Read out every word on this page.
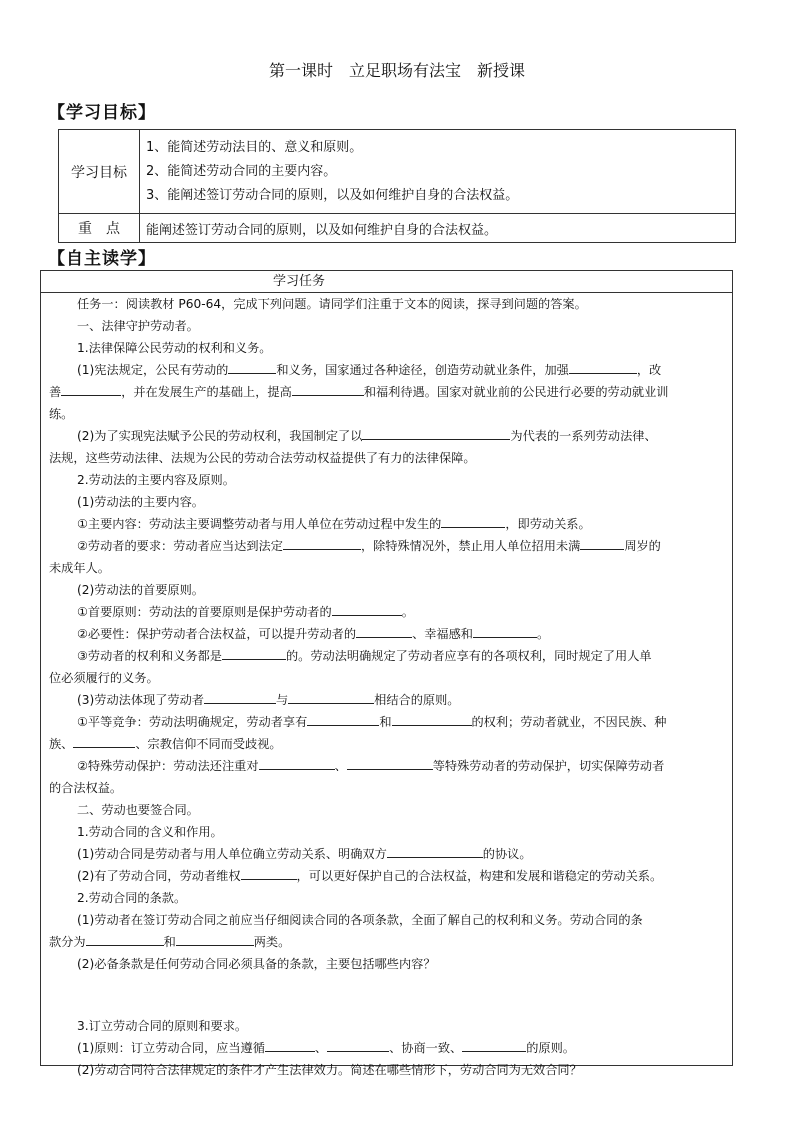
第一课时　立足职场有法宝　新授课
【学习目标】
学习目标	1、能简述劳动法目的、意义和原则。
2、能简述劳动合同的主要内容。
3、能阐述签订劳动合同的原则，以及如何维护自身的合法权益。

重　点	能阐述签订劳动合同的原则，以及如何维护自身的合法权益。
【自主读学】
学习任务
任务一：阅读教材 P60-64，完成下列问题。请同学们注重于文本的阅读，探寻到问题的答案。
一、法律守护劳动者。
1.法律保障公民劳动的权利和义务。
(1)宪法规定，公民有劳动的	和义务，国家通过各种途径，创造劳动就业条件，加强	，改
善	，并在发展生产的基础上，提高	和福利待遇。国家对就业前的公民进行必要的劳动就业训
练。
(2)为了实现宪法赋予公民的劳动权利，我国制定了以	为代表的一系列劳动法律、
法规，这些劳动法律、法规为公民的劳动合法劳动权益提供了有力的法律保障。
2.劳动法的主要内容及原则。
(1)劳动法的主要内容。
①主要内容：劳动法主要调整劳动者与用人单位在劳动过程中发生的	，即劳动关系。
②劳动者的要求：劳动者应当达到法定	，除特殊情况外，禁止用人单位招用未满	周岁的
未成年人。
(2)劳动法的首要原则。
①首要原则：劳动法的首要原则是保护劳动者的	。
②必要性：保护劳动者合法权益，可以提升劳动者的	、幸福感和	。
③劳动者的权利和义务都是	的。劳动法明确规定了劳动者应享有的各项权利，同时规定了用人单
位必须履行的义务。
(3)劳动法体现了劳动者	与	相结合的原则。
①平等竞争：劳动法明确规定，劳动者享有	和	的权利；劳动者就业，不因民族、种
族、	、宗教信仰不同而受歧视。
②特殊劳动保护：劳动法还注重对	、	等特殊劳动者的劳动保护，切实保障劳动者
的合法权益。
二、劳动也要签合同。
1.劳动合同的含义和作用。
(1)劳动合同是劳动者与用人单位确立劳动关系、明确双方	的协议。
(2)有了劳动合同，劳动者维权	，可以更好保护自己的合法权益，构建和发展和谐稳定的劳动关系。
2.劳动合同的条款。
(1)劳动者在签订劳动合同之前应当仔细阅读合同的各项条款，全面了解自己的权利和义务。劳动合同的条
款分为	和	两类。
(2)必备条款是任何劳动合同必须具备的条款，主要包括哪些内容？
3.订立劳动合同的原则和要求。
(1)原则：订立劳动合同，应当遵循	、	、协商一致、	的原则。
(2)劳动合同符合法律规定的条件才产生法律效力。简述在哪些情形下，劳动合同为无效合同？
